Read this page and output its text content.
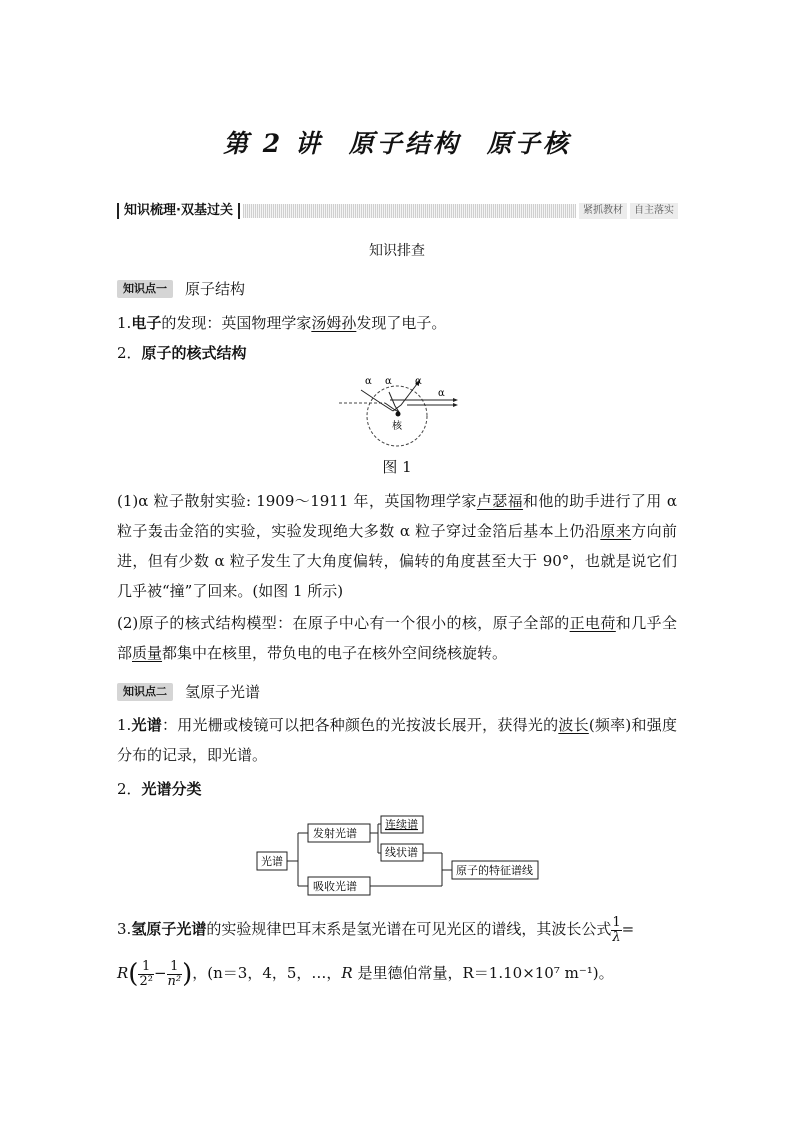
第 2 讲 原子结构 原子核
知识梳理·双基过关	紧抓教材	自主落实

知识排查

知识点一	原子结构

1.电子的发现：英国物理学家汤姆孙发现了电子。

2．原子的核式结构

α α α
α
核

图 1

(1)α 粒子散射实验: 1909～1911 年，英国物理学家卢瑟福和他的助手进行了用 α 粒子轰击金箔的实验，实验发现绝大多数 α 粒子穿过金箔后基本上仍沿原来方向前进，但有少数 α 粒子发生了大角度偏转，偏转的角度甚至大于 90°，也就是说它们几乎被“撞”了回来。(如图 1 所示)

(2)原子的核式结构模型：在原子中心有一个很小的核，原子全部的正电荷和几乎全部质量都集中在核里，带负电的电子在核外空间绕核旋转。

知识点二	氢原子光谱

1.光谱：用光栅或棱镜可以把各种颜色的光按波长展开，获得光的波长(频率)和强度分布的记录，即光谱。

2．光谱分类

光谱
发射光谱
吸收光谱
连续谱
线状谱
原子的特征谱线

3.氢原子光谱的实验规律巴耳末系是氢光谱在可见光区的谱线，其波长公式 $\frac{1}{\lambda}$ =

$R( \frac{1}{\text{2²}} - \frac{1}{\text{n²}}$ )，(n＝3，4，5，…，R 是里德伯常量，R＝1.10×10⁷ m⁻¹)。
